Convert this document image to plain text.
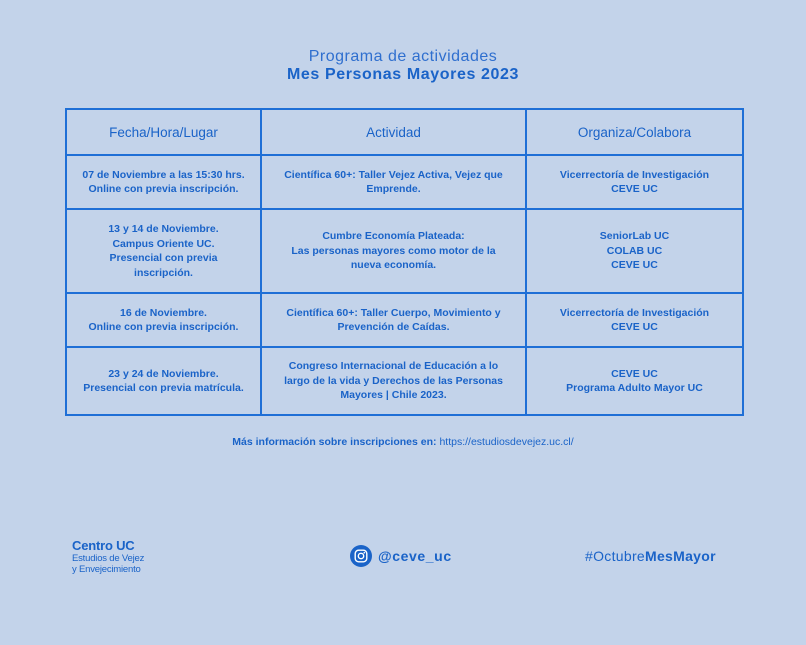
Programa de actividades
Mes Personas Mayores 2023
Fecha/Hora/Lugar	Actividad	Organiza/Colabora

07 de Noviembre a las 15:30 hrs.
Online con previa inscripción.	Científica 60+: Taller Vejez Activa, Vejez que
Emprende.	Vicerrectoría de Investigación
CEVE UC

13 y 14 de Noviembre.
Campus Oriente UC.
Presencial con previa
inscripción.	Cumbre Economía Plateada:
Las personas mayores como motor de la
nueva economía.	SeniorLab UC
COLAB UC
CEVE UC

16 de Noviembre.
Online con previa inscripción.	Científica 60+: Taller Cuerpo, Movimiento y
Prevención de Caídas.	Vicerrectoría de Investigación
CEVE UC

23 y 24 de Noviembre.
Presencial con previa matrícula.	Congreso Internacional de Educación a lo
largo de la vida y Derechos de las Personas
Mayores | Chile 2023.	CEVE UC
Programa Adulto Mayor UC
Más información sobre inscripciones en: https://estudiosdevejez.uc.cl/
Centro UC
Estudios de Vejez
y Envejecimiento
@ceve_uc	#OctubreMesMayor
